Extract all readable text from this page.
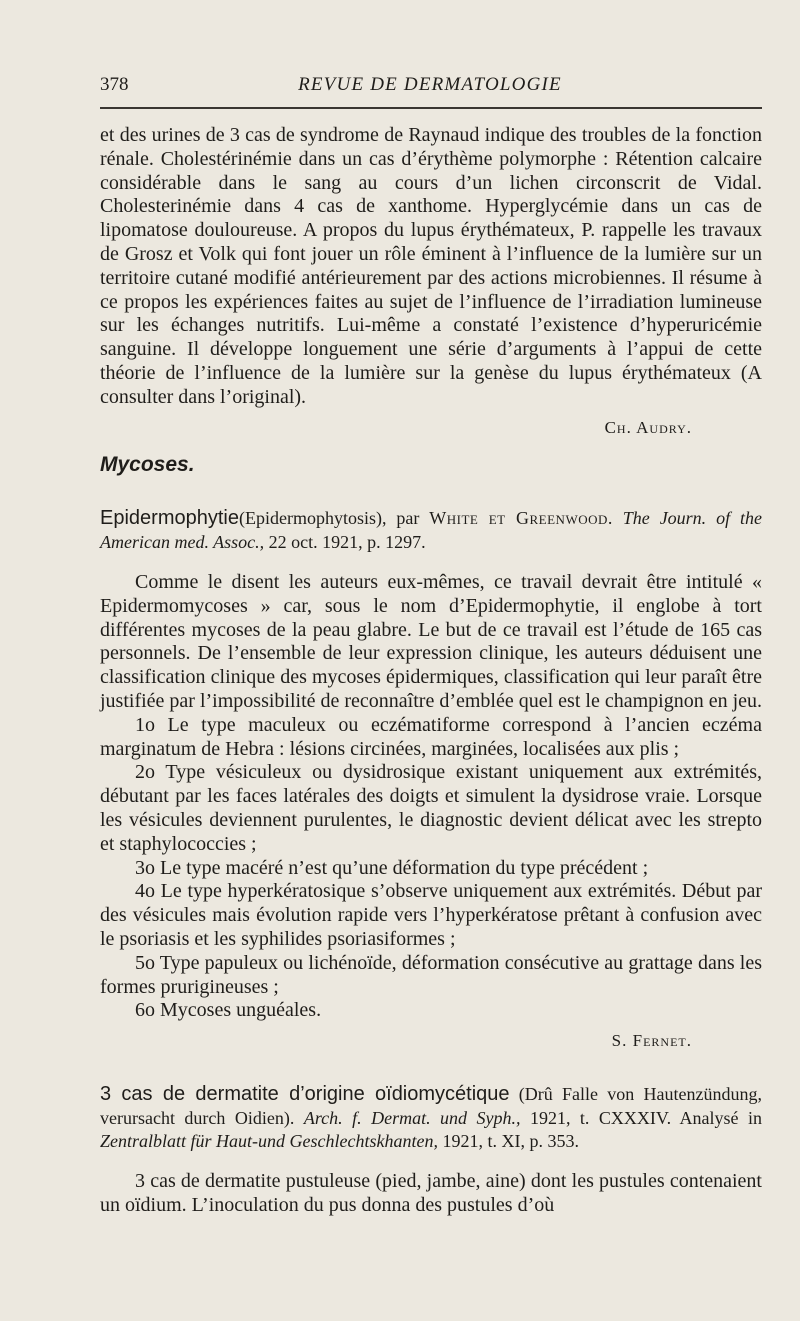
378	REVUE DE DERMATOLOGIE

et des urines de 3 cas de syndrome de Raynaud indique des troubles de la fonction rénale. Cholestérinémie dans un cas d’érythème polymorphe : Rétention calcaire considérable dans le sang au cours d’un lichen circonscrit de Vidal. Cholesterinémie dans 4 cas de xanthome. Hyperglycémie dans un cas de lipomatose douloureuse. A propos du lupus érythémateux, P. rappelle les travaux de Grosz et Volk qui font jouer un rôle éminent à l’influence de la lumière sur un territoire cutané modifié antérieurement par des actions microbiennes. Il résume à ce propos les expériences faites au sujet de l’influence de l’irradiation lumineuse sur les échanges nutritifs. Lui-même a constaté l’existence d’hyperuricémie sanguine. Il développe longuement une série d’arguments à l’appui de cette théorie de l’influence de la lumière sur la genèse du lupus érythémateux (A consulter dans l’original).

Ch. Audry.

Mycoses.

Epidermophytie(Epidermophytosis), par White et Greenwood. The Journ. of the American med. Assoc., 22 oct. 1921, p. 1297.

Comme le disent les auteurs eux-mêmes, ce travail devrait être intitulé « Epidermomycoses » car, sous le nom d’Epidermophytie, il englobe à tort différentes mycoses de la peau glabre. Le but de ce travail est l’étude de 165 cas personnels. De l’ensemble de leur expression clinique, les auteurs déduisent une classification clinique des mycoses épidermiques, classification qui leur paraît être justifiée par l’impossibilité de reconnaître d’emblée quel est le champignon en jeu.

1o Le type maculeux ou eczématiforme correspond à l’ancien eczéma marginatum de Hebra : lésions circinées, marginées, localisées aux plis ;

2o Type vésiculeux ou dysidrosique existant uniquement aux extrémités, débutant par les faces latérales des doigts et simulent la dysidrose vraie. Lorsque les vésicules deviennent purulentes, le diagnostic devient délicat avec les strepto et staphylococcies ;

3o Le type macéré n’est qu’une déformation du type précédent ;

4o Le type hyperkératosique s’observe uniquement aux extrémités. Début par des vésicules mais évolution rapide vers l’hyperkératose prêtant à confusion avec le psoriasis et les syphilides psoriasiformes ;

5o Type papuleux ou lichénoïde, déformation consécutive au grattage dans les formes prurigineuses ;

6o Mycoses unguéales.

S. Fernet.

3 cas de dermatite d’origine oïdiomycétique (Drû Falle von Hautenzündung, verursacht durch Oidien). Arch. f. Dermat. und Syph., 1921, t. CXXXIV. Analysé in Zentralblatt für Haut-und Geschlechtskhanten, 1921, t. XI, p. 353.

3 cas de dermatite pustuleuse (pied, jambe, aine) dont les pustules contenaient un oïdium. L’inoculation du pus donna des pustules d’où
